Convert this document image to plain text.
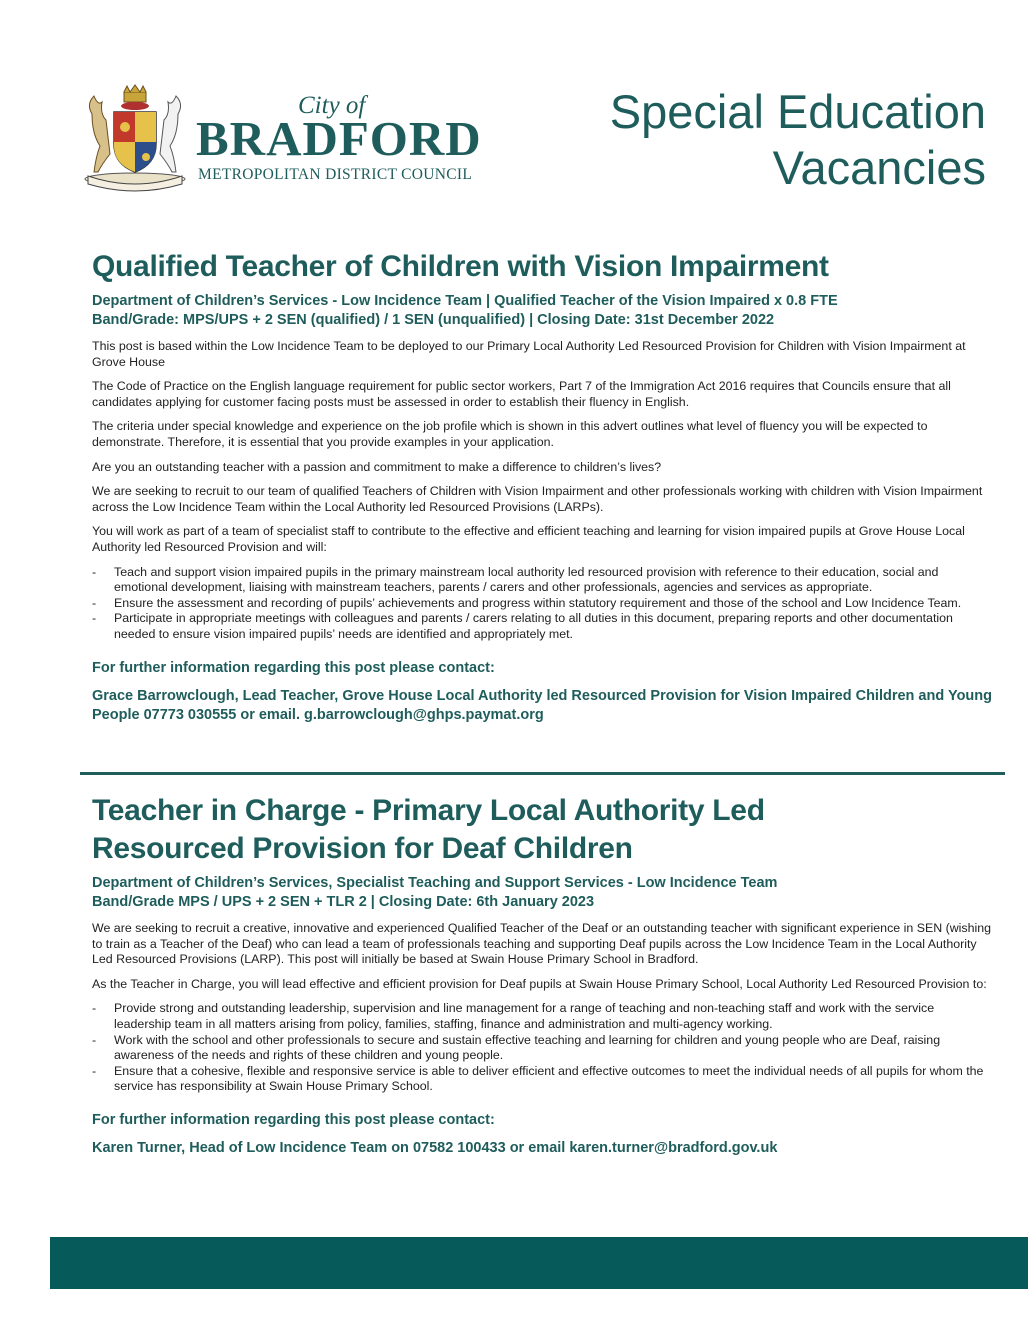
City of
BRADFORD
METROPOLITAN DISTRICT COUNCIL
Special Education
Vacancies
Qualified Teacher of Children with Vision Impairment
Department of Children’s Services - Low Incidence Team | Qualified Teacher of the Vision Impaired x 0.8 FTE
Band/Grade: MPS/UPS + 2 SEN (qualified) / 1 SEN (unqualified) | Closing Date: 31st December 2022

This post is based within the Low Incidence Team to be deployed to our Primary Local Authority Led Resourced Provision for Children with Vision Impairment at Grove House

The Code of Practice on the English language requirement for public sector workers, Part 7 of the Immigration Act 2016 requires that Councils ensure that all candidates applying for customer facing posts must be assessed in order to establish their fluency in English.

The criteria under special knowledge and experience on the job profile which is shown in this advert outlines what level of fluency you will be expected to demonstrate. Therefore, it is essential that you provide examples in your application.

Are you an outstanding teacher with a passion and commitment to make a difference to children’s lives?

We are seeking to recruit to our team of qualified Teachers of Children with Vision Impairment and other professionals working with children with Vision Impairment across the Low Incidence Team within the Local Authority led Resourced Provisions (LARPs).

You will work as part of a team of specialist staff to contribute to the effective and efficient teaching and learning for vision impaired pupils at Grove House Local Authority led Resourced Provision and will:

- Teach and support vision impaired pupils in the primary mainstream local authority led resourced provision with reference to their education, social and emotional development, liaising with mainstream teachers, parents / carers and other professionals, agencies and services as appropriate.
- Ensure the assessment and recording of pupils’ achievements and progress within statutory requirement and those of the school and Low Incidence Team.
- Participate in appropriate meetings with colleagues and parents / carers relating to all duties in this document, preparing reports and other documentation needed to ensure vision impaired pupils’ needs are identified and appropriately met.
For further information regarding this post please contact:
Grace Barrowclough, Lead Teacher, Grove House Local Authority led Resourced Provision for Vision Impaired Children and Young People 07773 030555 or email. g.barrowclough@ghps.paymat.org
Teacher in Charge - Primary Local Authority Led
Resourced Provision for Deaf Children
Department of Children’s Services, Specialist Teaching and Support Services - Low Incidence Team
Band/Grade MPS / UPS + 2 SEN + TLR 2 | Closing Date: 6th January 2023

We are seeking to recruit a creative, innovative and experienced Qualified Teacher of the Deaf or an outstanding teacher with significant experience in SEN (wishing to train as a Teacher of the Deaf) who can lead a team of professionals teaching and supporting Deaf pupils across the Low Incidence Team in the Local Authority Led Resourced Provisions (LARP). This post will initially be based at Swain House Primary School in Bradford.

As the Teacher in Charge, you will lead effective and efficient provision for Deaf pupils at Swain House Primary School, Local Authority Led Resourced Provision to:

- Provide strong and outstanding leadership, supervision and line management for a range of teaching and non-teaching staff and work with the service leadership team in all matters arising from policy, families, staffing, finance and administration and multi-agency working.
- Work with the school and other professionals to secure and sustain effective teaching and learning for children and young people who are Deaf, raising awareness of the needs and rights of these children and young people.
- Ensure that a cohesive, flexible and responsive service is able to deliver efficient and effective outcomes to meet the individual needs of all pupils for whom the service has responsibility at Swain House Primary School.
For further information regarding this post please contact:
Karen Turner, Head of Low Incidence Team on 07582 100433 or email karen.turner@bradford.gov.uk
